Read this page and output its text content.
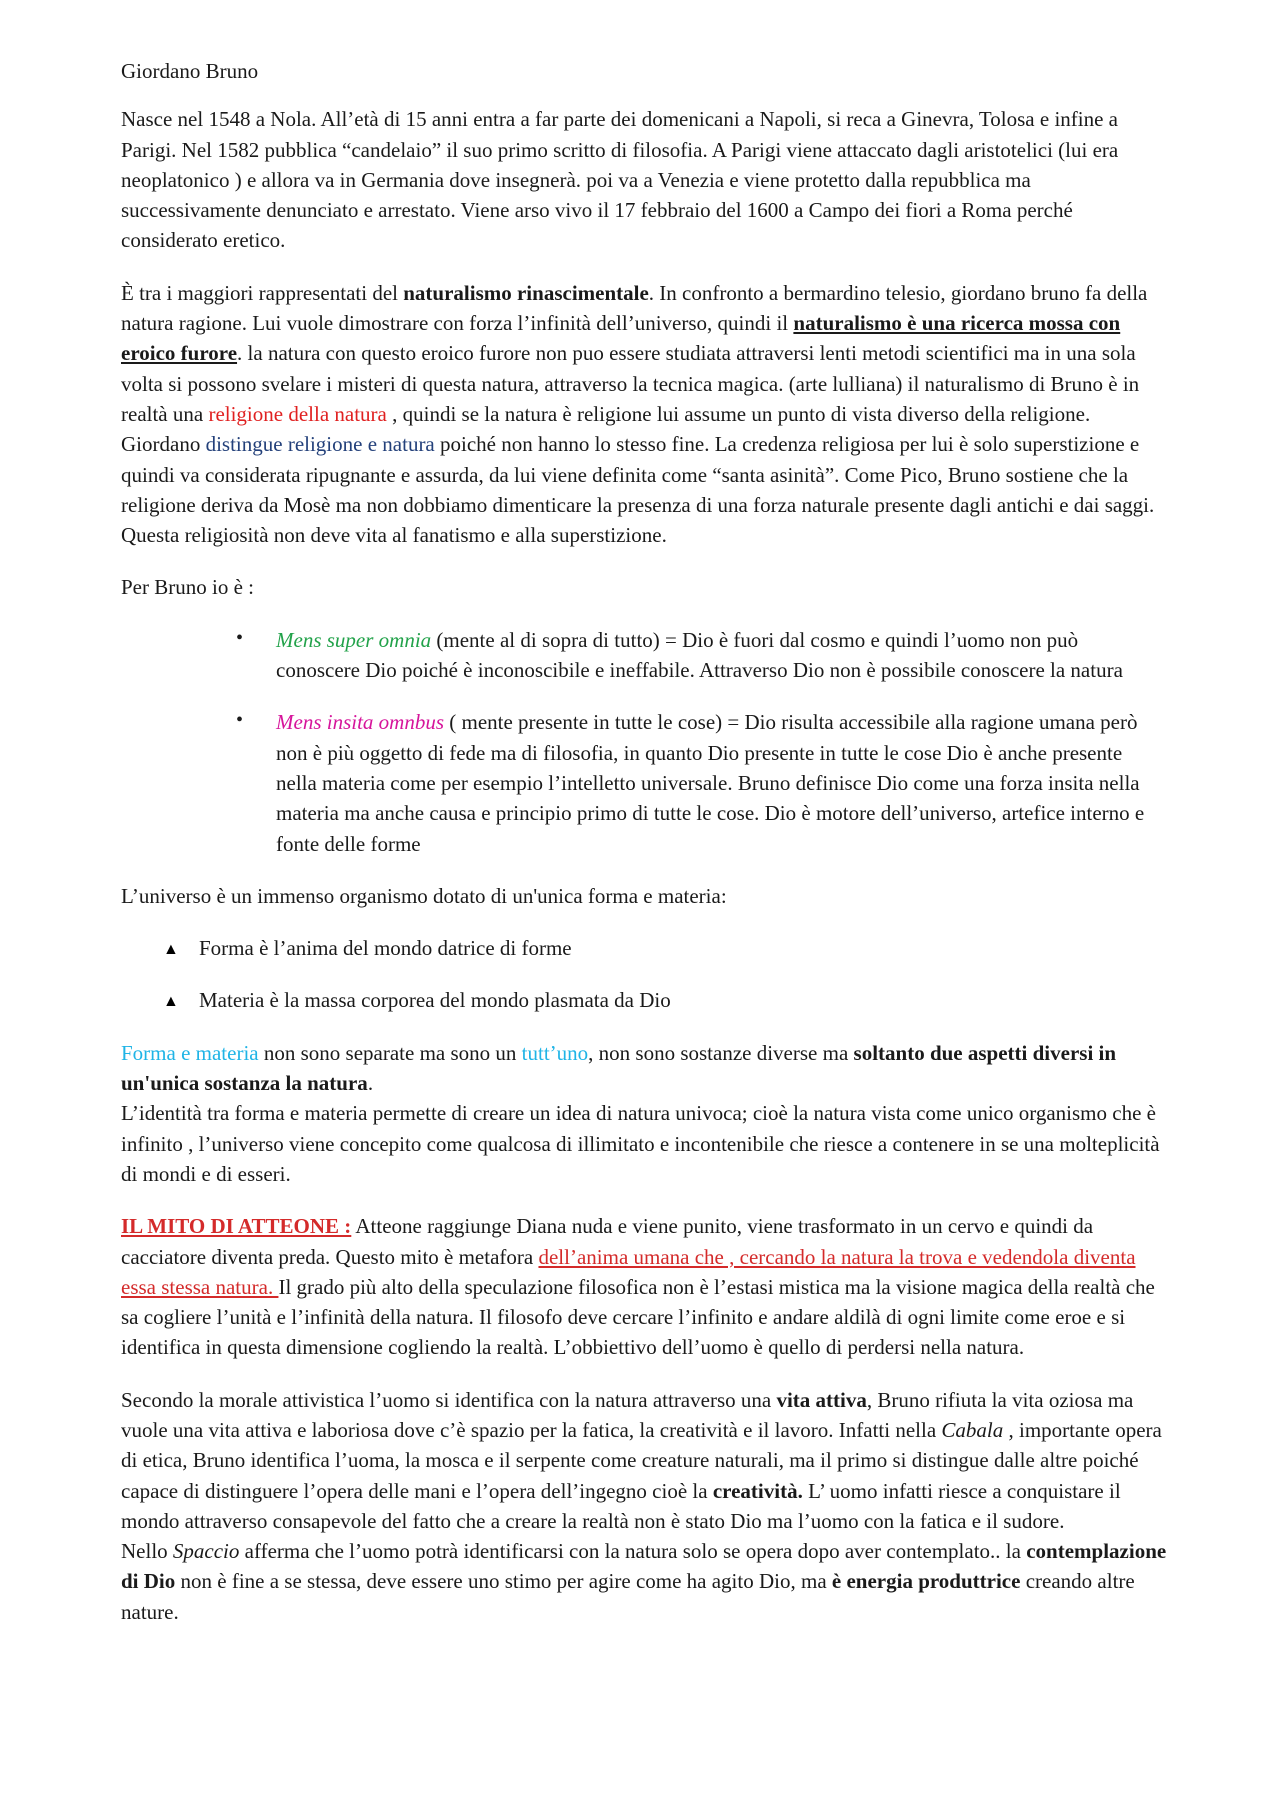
Giordano Bruno

Nasce nel 1548 a Nola. All’età di 15 anni entra a far parte dei domenicani a Napoli, si reca a Ginevra, Tolosa e infine a Parigi. Nel 1582 pubblica “candelaio” il suo primo scritto di filosofia. A Parigi viene attaccato dagli aristotelici (lui era neoplatonico ) e allora va in Germania dove insegnerà. poi va a Venezia e viene protetto dalla repubblica ma successivamente denunciato e arrestato. Viene arso vivo il 17 febbraio del 1600 a Campo dei fiori a Roma perché considerato eretico.

È tra i maggiori rappresentati del naturalismo rinascimentale. In confronto a bermardino telesio, giordano bruno fa della natura ragione. Lui vuole dimostrare con forza l’infinità dell’universo, quindi il naturalismo è una ricerca mossa con eroico furore. la natura con questo eroico furore non puo essere studiata attraversi lenti metodi scientifici ma in una sola volta si possono svelare i misteri di questa natura, attraverso la tecnica magica. (arte lulliana) il naturalismo di Bruno è in realtà una religione della natura , quindi se la natura è religione lui assume un punto di vista diverso della religione. Giordano distingue religione e natura poiché non hanno lo stesso fine. La credenza religiosa per lui è solo superstizione e quindi va considerata ripugnante e assurda, da lui viene definita come “santa asinità”. Come Pico, Bruno sostiene che la religione deriva da Mosè ma non dobbiamo dimenticare la presenza di una forza naturale presente dagli antichi e dai saggi. Questa religiosità non deve vita al fanatismo e alla superstizione.

Per Bruno io è :

• Mens super omnia (mente al di sopra di tutto) = Dio è fuori dal cosmo e quindi l’uomo non può conoscere Dio poiché è inconoscibile e ineffabile. Attraverso Dio non è possibile conoscere la natura
• Mens insita omnbus ( mente presente in tutte le cose) = Dio risulta accessibile alla ragione umana però non è più oggetto di fede ma di filosofia, in quanto Dio presente in tutte le cose Dio è anche presente nella materia come per esempio l’intelletto universale. Bruno definisce Dio come una forza insita nella materia ma anche causa e principio primo di tutte le cose. Dio è motore dell’universo, artefice interno e fonte delle forme

L’universo è un immenso organismo dotato di un'unica forma e materia:

▲ Forma è l’anima del mondo datrice di forme
▲ Materia è la massa corporea del mondo plasmata da Dio

Forma e materia non sono separate ma sono un tutt’uno, non sono sostanze diverse ma soltanto due aspetti diversi in un'unica sostanza la natura.

L’identità tra forma e materia permette di creare un idea di natura univoca; cioè la natura vista come unico organismo che è infinito , l’universo viene concepito come qualcosa di illimitato e incontenibile che riesce a contenere in se una molteplicità di mondi e di esseri.

IL MITO DI ATTEONE : Atteone raggiunge Diana nuda e viene punito, viene trasformato in un cervo e quindi da cacciatore diventa preda. Questo mito è metafora dell’anima umana che , cercando la natura la trova e vedendola diventa essa stessa natura. Il grado più alto della speculazione filosofica non è l’estasi mistica ma la visione magica della realtà che sa cogliere l’unità e l’infinità della natura. Il filosofo deve cercare l’infinito e andare aldilà di ogni limite come eroe e si identifica in questa dimensione cogliendo la realtà. L’obbiettivo dell’uomo è quello di perdersi nella natura.

Secondo la morale attivistica l’uomo si identifica con la natura attraverso una vita attiva, Bruno rifiuta la vita oziosa ma vuole una vita attiva e laboriosa dove c’è spazio per la fatica, la creatività e il lavoro. Infatti nella Cabala , importante opera di etica, Bruno identifica l’uoma, la mosca e il serpente come creature naturali, ma il primo si distingue dalle altre poiché capace di distinguere l’opera delle mani e l’opera dell’ingegno cioè la creatività. L’ uomo infatti riesce a conquistare il mondo attraverso consapevole del fatto che a creare la realtà non è stato Dio ma l’uomo con la fatica e il sudore.

Nello Spaccio afferma che l’uomo potrà identificarsi con la natura solo se opera dopo aver contemplato.. la contemplazione di Dio non è fine a se stessa, deve essere uno stimo per agire come ha agito Dio, ma è energia produttrice creando altre nature.
